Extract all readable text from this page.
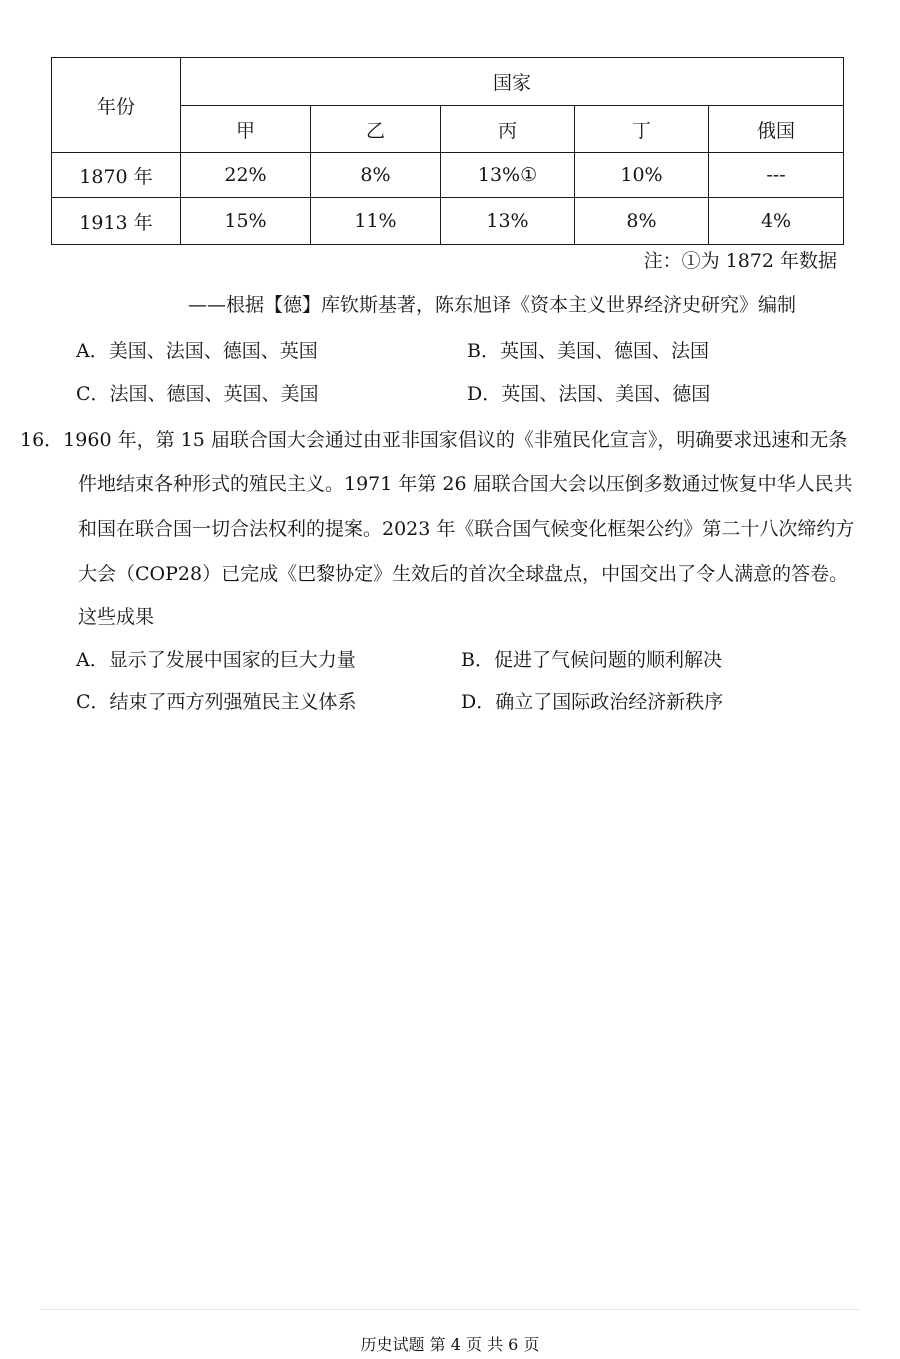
年份	国家				
	甲	乙	丙	丁	俄国
1870 年	22%	8%	13%①	10%	---
1913 年	15%	11%	13%	8%	4%
注：①为 1872 年数据
——根据【德】库钦斯基著，陈东旭译《资本主义世界经济史研究》编制
A．美国、法国、德国、英国	B．英国、美国、德国、法国
C．法国、德国、英国、美国	D．英国、法国、美国、德国
16．1960 年，第 15 届联合国大会通过由亚非国家倡议的《非殖民化宣言》，明确要求迅速和无条
件地结束各种形式的殖民主义。1971 年第 26 届联合国大会以压倒多数通过恢复中华人民共
和国在联合国一切合法权利的提案。2023 年《联合国气候变化框架公约》第二十八次缔约方
大会（COP28）已完成《巴黎协定》生效后的首次全球盘点，中国交出了令人满意的答卷。
这些成果
A．显示了发展中国家的巨大力量	B．促进了气候问题的顺利解决
C．结束了西方列强殖民主义体系	D．确立了国际政治经济新秩序
历史试题 第 4 页 共 6 页
